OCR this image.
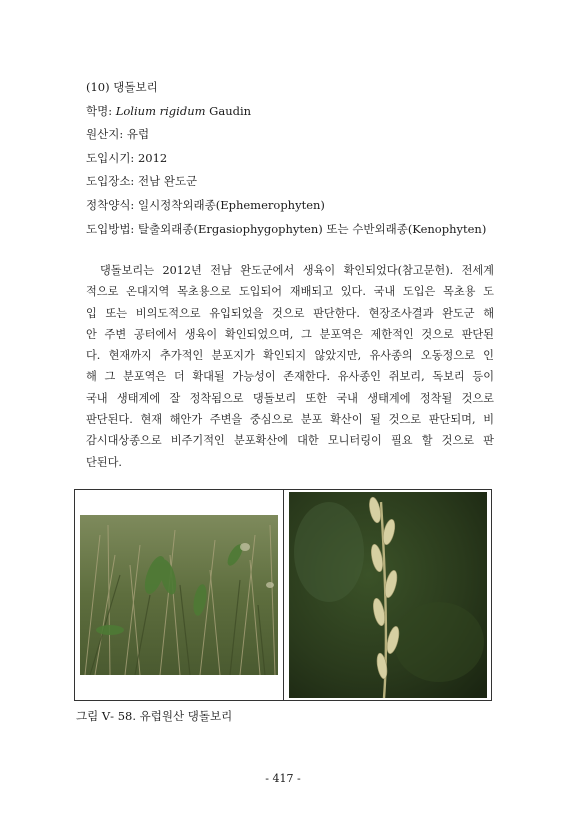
(10) 댕돌보리
학명: Lolium rigidum Gaudin
원산지: 유럽
도입시기: 2012
도입장소: 전남 완도군
정착양식: 일시정착외래종(Ephemerophyten)
도입방법: 탈출외래종(Ergasiophygophyten) 또는 수반외래종(Kenophyten)
댕돌보리는 2012년 전남 완도군에서 생육이 확인되었다(참고문헌). 전세계
적으로 온대지역 목초용으로 도입되어 재배되고 있다. 국내 도입은 목초용 도
입 또는 비의도적으로 유입되었을 것으로 판단한다. 현장조사결과 완도군 해
안 주변 공터에서 생육이 확인되었으며, 그 분포역은 제한적인 것으로 판단된
다. 현재까지 추가적인 분포지가 확인되지 않았지만, 유사종의 오동정으로 인
해 그 분포역은 더 확대될 가능성이 존재한다. 유사종인 쥐보리, 독보리 등이
국내 생태계에 잘 정착됨으로 댕돌보리 또한 국내 생태계에 정착될 것으로
판단된다. 현재 해안가 주변을 중심으로 분포 확산이 될 것으로 판단되며, 비
감시대상종으로 비주기적인 분포확산에 대한 모니터링이 필요 할 것으로 판
단된다.
그림 Ⅴ- 58. 유럽원산 댕돌보리
- 417 -
